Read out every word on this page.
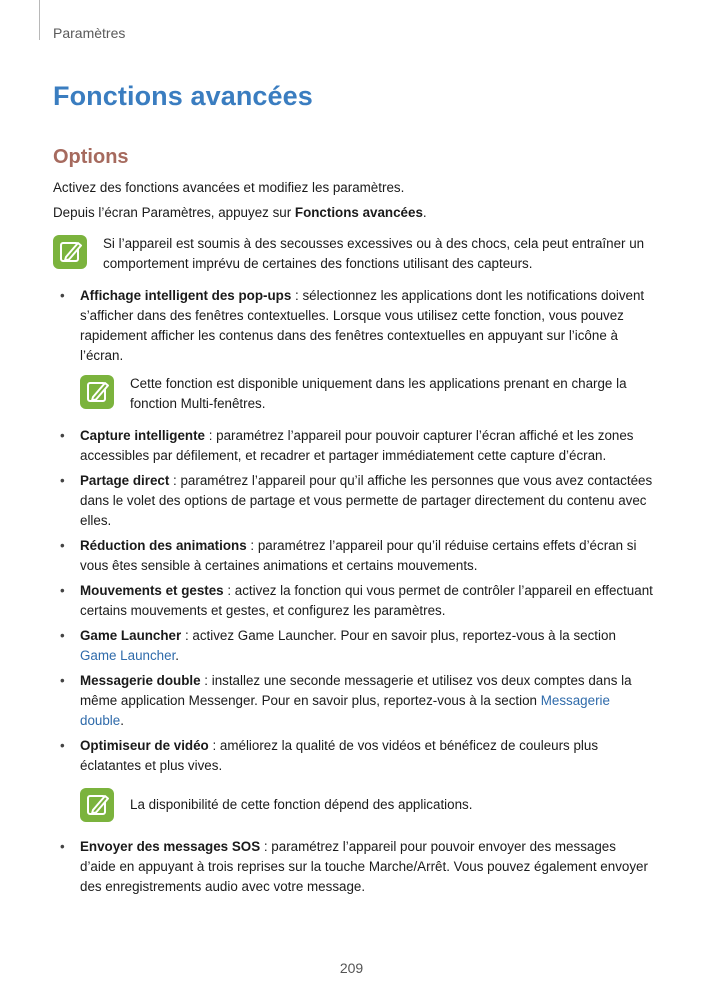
Paramètres
Fonctions avancées
Options

Activez des fonctions avancées et modifiez les paramètres.

Depuis l’écran Paramètres, appuyez sur Fonctions avancées.

Si l’appareil est soumis à des secousses excessives ou à des chocs, cela peut entraîner un comportement imprévu de certaines des fonctions utilisant des capteurs.
• Affichage intelligent des pop-ups : sélectionnez les applications dont les notifications doivent s’afficher dans des fenêtres contextuelles. Lorsque vous utilisez cette fonction, vous pouvez rapidement afficher les contenus dans des fenêtres contextuelles en appuyant sur l’icône à l’écran.
Cette fonction est disponible uniquement dans les applications prenant en charge la fonction Multi-fenêtres.
• Capture intelligente : paramétrez l’appareil pour pouvoir capturer l’écran affiché et les zones accessibles par défilement, et recadrer et partager immédiatement cette capture d’écran.
• Partage direct : paramétrez l’appareil pour qu’il affiche les personnes que vous avez contactées dans le volet des options de partage et vous permette de partager directement du contenu avec elles.
• Réduction des animations : paramétrez l’appareil pour qu’il réduise certains effets d’écran si vous êtes sensible à certaines animations et certains mouvements.
• Mouvements et gestes : activez la fonction qui vous permet de contrôler l’appareil en effectuant certains mouvements et gestes, et configurez les paramètres.
• Game Launcher : activez Game Launcher. Pour en savoir plus, reportez-vous à la section Game Launcher.
• Messagerie double : installez une seconde messagerie et utilisez vos deux comptes dans la même application Messenger. Pour en savoir plus, reportez-vous à la section Messagerie double.
• Optimiseur de vidéo : améliorez la qualité de vos vidéos et bénéficez de couleurs plus éclatantes et plus vives.
La disponibilité de cette fonction dépend des applications.
• Envoyer des messages SOS : paramétrez l’appareil pour pouvoir envoyer des messages d’aide en appuyant à trois reprises sur la touche Marche/Arrêt. Vous pouvez également envoyer des enregistrements audio avec votre message.
209
